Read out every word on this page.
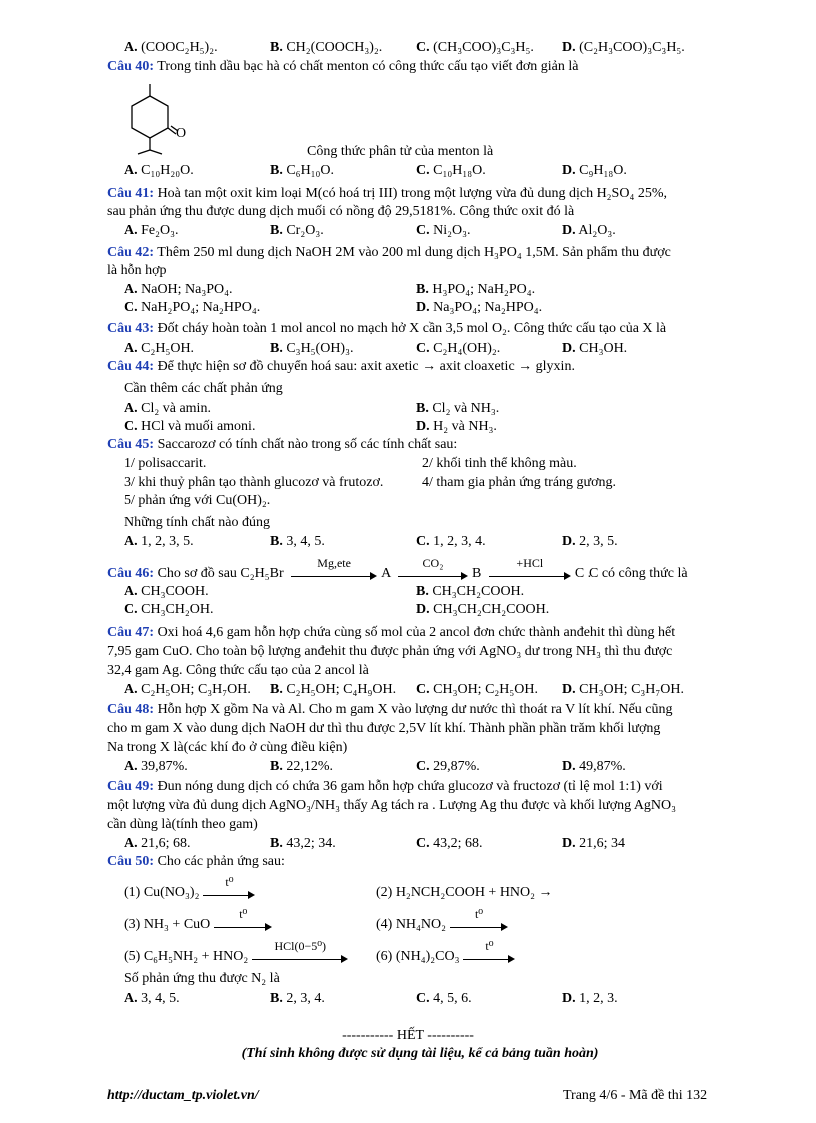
A. (COOC₂H₅)₂.	B. CH₂(COOCH₃)₂. C. (CH₃COO)₃C₃H₅. D. (C₂H₃COO)₃C₃H₅.
Câu 40: Trong tinh dầu bạc hà có chất menton có công thức cấu tạo viết đơn giản là
O
Công thức phân tử của menton là
A. C₁₀H₂₀O.	B. C₆H₁₀O.	C. C₁₀H₁₈O.	D. C₉H₁₈O.
Câu 41: Hoà tan một oxit kim loại M(có hoá trị III) trong một lượng vừa đủ dung dịch H₂SO₄ 25%,
sau phản ứng thu được dung dịch muối có nồng độ 29,5181%. Công thức oxit đó là
A. Fe₂O₃.	B. Cr₂O₃.	C. Ni₂O₃.	D. Al₂O₃.
Câu 42: Thêm 250 ml dung dịch NaOH 2M vào 200 ml dung dịch H₃PO₄ 1,5M. Sản phẩm thu được
là hỗn hợp
A. NaOH; Na₃PO₄.	B. H₃PO₄; NaH₂PO₄.
C. NaH₂PO₄; Na₂HPO₄.	D. Na₃PO₄; Na₂HPO₄.
Câu 43: Đốt cháy hoàn toàn 1 mol ancol no mạch hở X cần 3,5 mol O₂. Công thức cấu tạo của X là
A. C₂H₅OH.	B. C₃H₅(OH)₃.	C. C₂H₄(OH)₂.	D. CH₃OH.
Câu 44: Để thực hiện sơ đồ chuyển hoá sau: axit axetic → axit cloaxetic → glyxin.
Cần thêm các chất phản ứng
A. Cl₂ và amin.	B. Cl₂ và NH₃.
C. HCl và muối amoni.	D. H₂ và NH₃.
Câu 45: Saccarozơ có tính chất nào trong số các tính chất sau:
1/ polisaccarit.	2/ khối tinh thể không màu.
3/ khi thuỷ phân tạo thành glucozơ và frutozơ.	4/ tham gia phản ứng tráng gương.
5/ phản ứng với Cu(OH)₂.
Những tính chất nào đúng
A. 1, 2, 3, 5.	B. 3, 4, 5.	C. 1, 2, 3, 4.	D. 2, 3, 5.
Câu 46: Cho sơ đồ sau C₂H₅Br
Mg,ete
A
CO₂
B
+HCl
C .
C có công thức là
A. CH₃COOH.	B. CH₃CH₂COOH.
C. CH₃CH₂OH.	D. CH₃CH₂CH₂COOH.
Câu 47: Oxi hoá 4,6 gam hỗn hợp chứa cùng số mol của 2 ancol đơn chức thành anđehit thì dùng hết
7,95 gam CuO. Cho toàn bộ lượng anđehit thu được phản ứng với AgNO₃ dư trong NH₃ thì thu được
32,4 gam Ag. Công thức cấu tạo của 2 ancol là
A. C₂H₅OH; C₃H₇OH. B. C₂H₅OH; C₄H₉OH. C. CH₃OH; C₂H₅OH. D. CH₃OH; C₃H₇OH.
Câu 48: Hỗn hợp X gồm Na và Al. Cho m gam X vào lượng dư nước thì thoát ra V lít khí. Nếu cũng
cho m gam X vào dung dịch NaOH dư thì thu được 2,5V lít khí. Thành phần phần trăm khối lượng
Na trong X là(các khí đo ở cùng điều kiện)
A. 39,87%.	B. 22,12%.	C. 29,87%.	D. 49,87%.
Câu 49: Đun nóng dung dịch có chứa 36 gam hỗn hợp chứa glucozơ và fructozơ (tỉ lệ mol 1:1) với
một lượng vừa đủ dung dịch AgNO₃/NH₃ thấy Ag tách ra . Lượng Ag thu được và khối lượng AgNO₃
cần dùng là(tính theo gam)
A. 21,6; 68.	B. 43,2; 34.	C. 43,2; 68.	D. 21,6; 34
Câu 50: Cho các phản ứng sau:
(1) Cu(NO₃)₂
t⁰
(2) H₂NCH₂COOH + HNO₂ →
(3) NH₃ + CuO
t⁰
(4) NH₄NO₂
t⁰
(5) C₆H₅NH₂ + HNO₂
HCl(0−5⁰)
(6) (NH₄)₂CO₃
t⁰
Số phản ứng thu được N₂ là
A. 3, 4, 5.	B. 2, 3, 4.	C. 4, 5, 6.	D. 1, 2, 3.
----------- HẾT ----------
(Thí sinh không được sử dụng tài liệu, kể cả bảng tuần hoàn)
http://ductam_tp.violet.vn/	Trang 4/6 - Mã đề thi 132
